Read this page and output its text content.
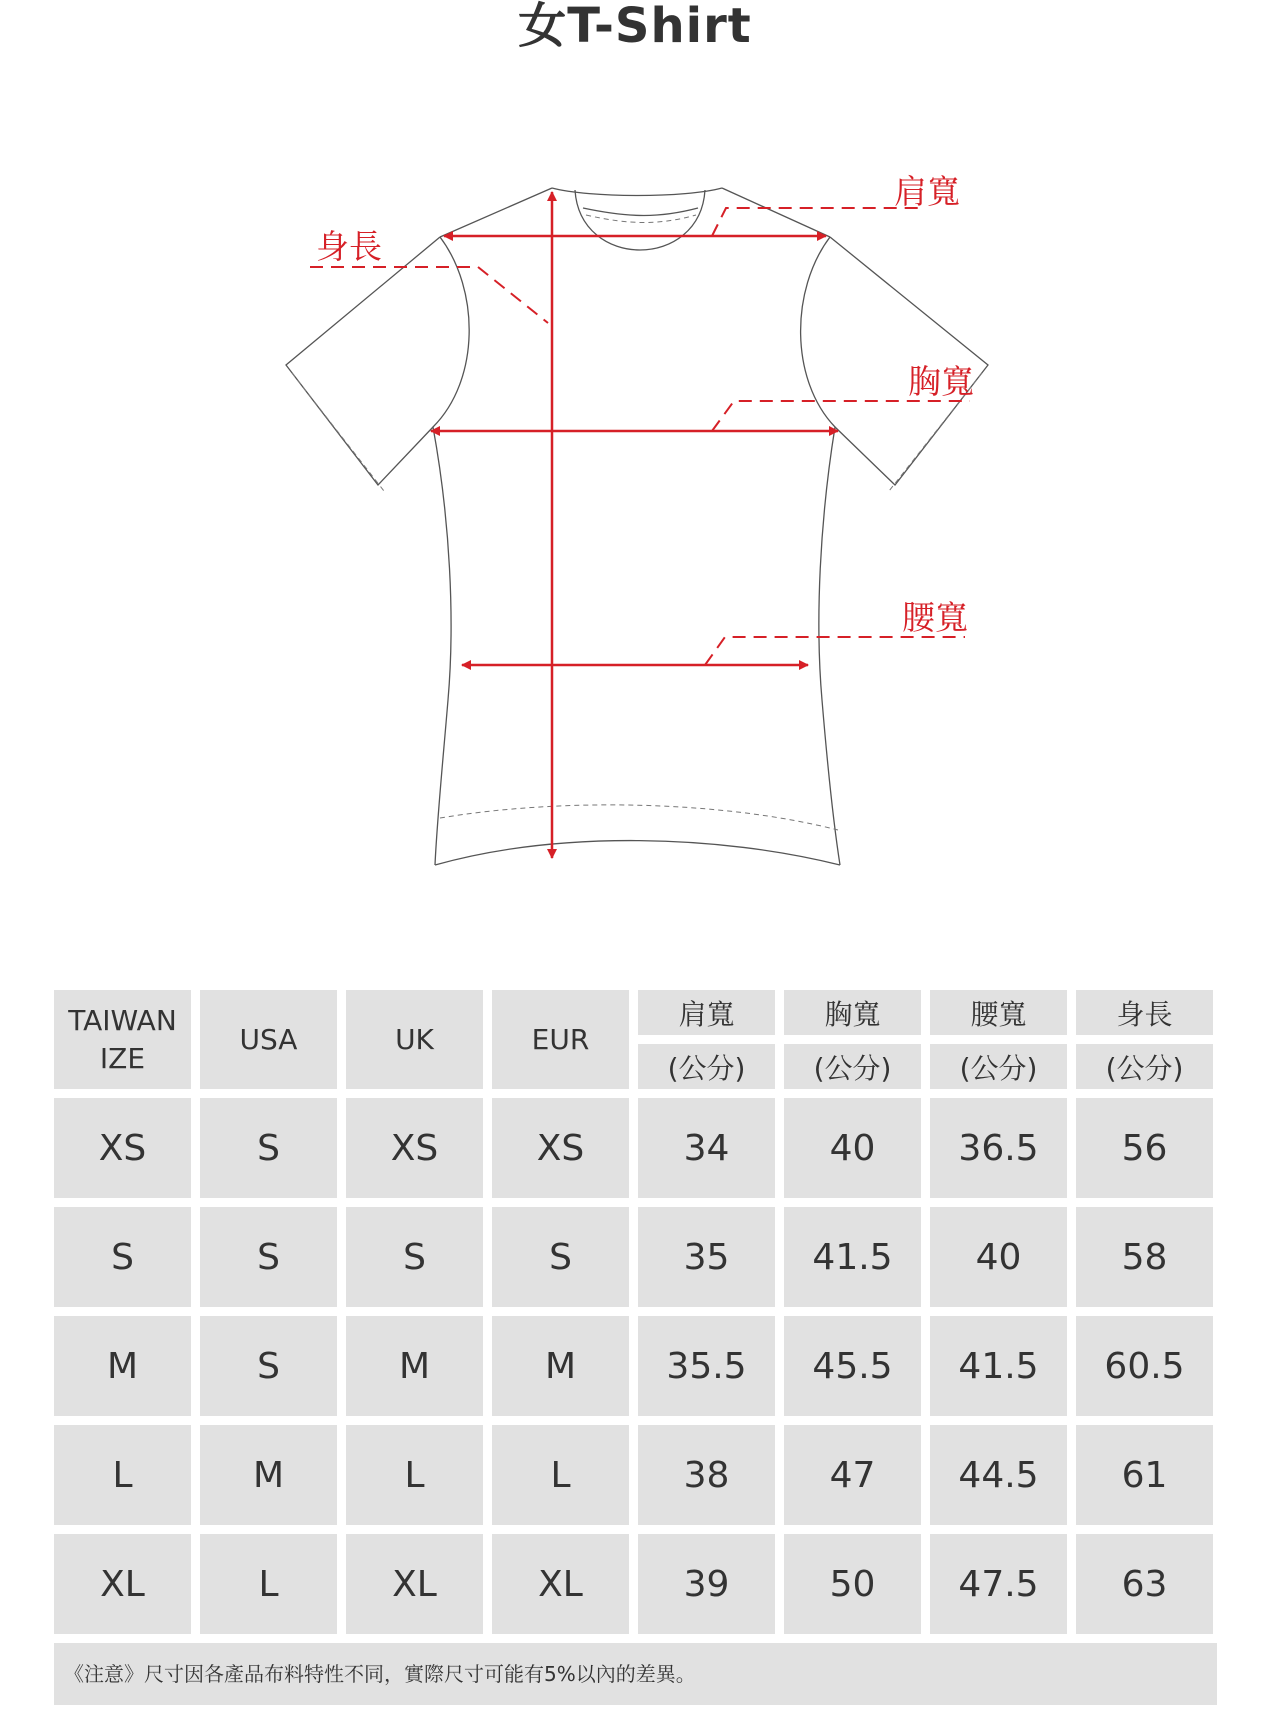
女T-Shirt
身長
肩寬
胸寬
腰寬
TAIWAN
IZE	USA	UK	EUR	肩寬	胸寬	腰寬	身長
				(公分)	(公分)	(公分)	(公分)
XS	S	XS	XS	34	40	36.5	56
S	S	S	S	35	41.5	40	58
M	S	M	M	35.5	45.5	41.5	60.5
L	M	L	L	38	47	44.5	61
XL	L	XL	XL	39	50	47.5	63
《注意》尺寸因各產品布料特性不同，實際尺寸可能有5%以內的差異。
